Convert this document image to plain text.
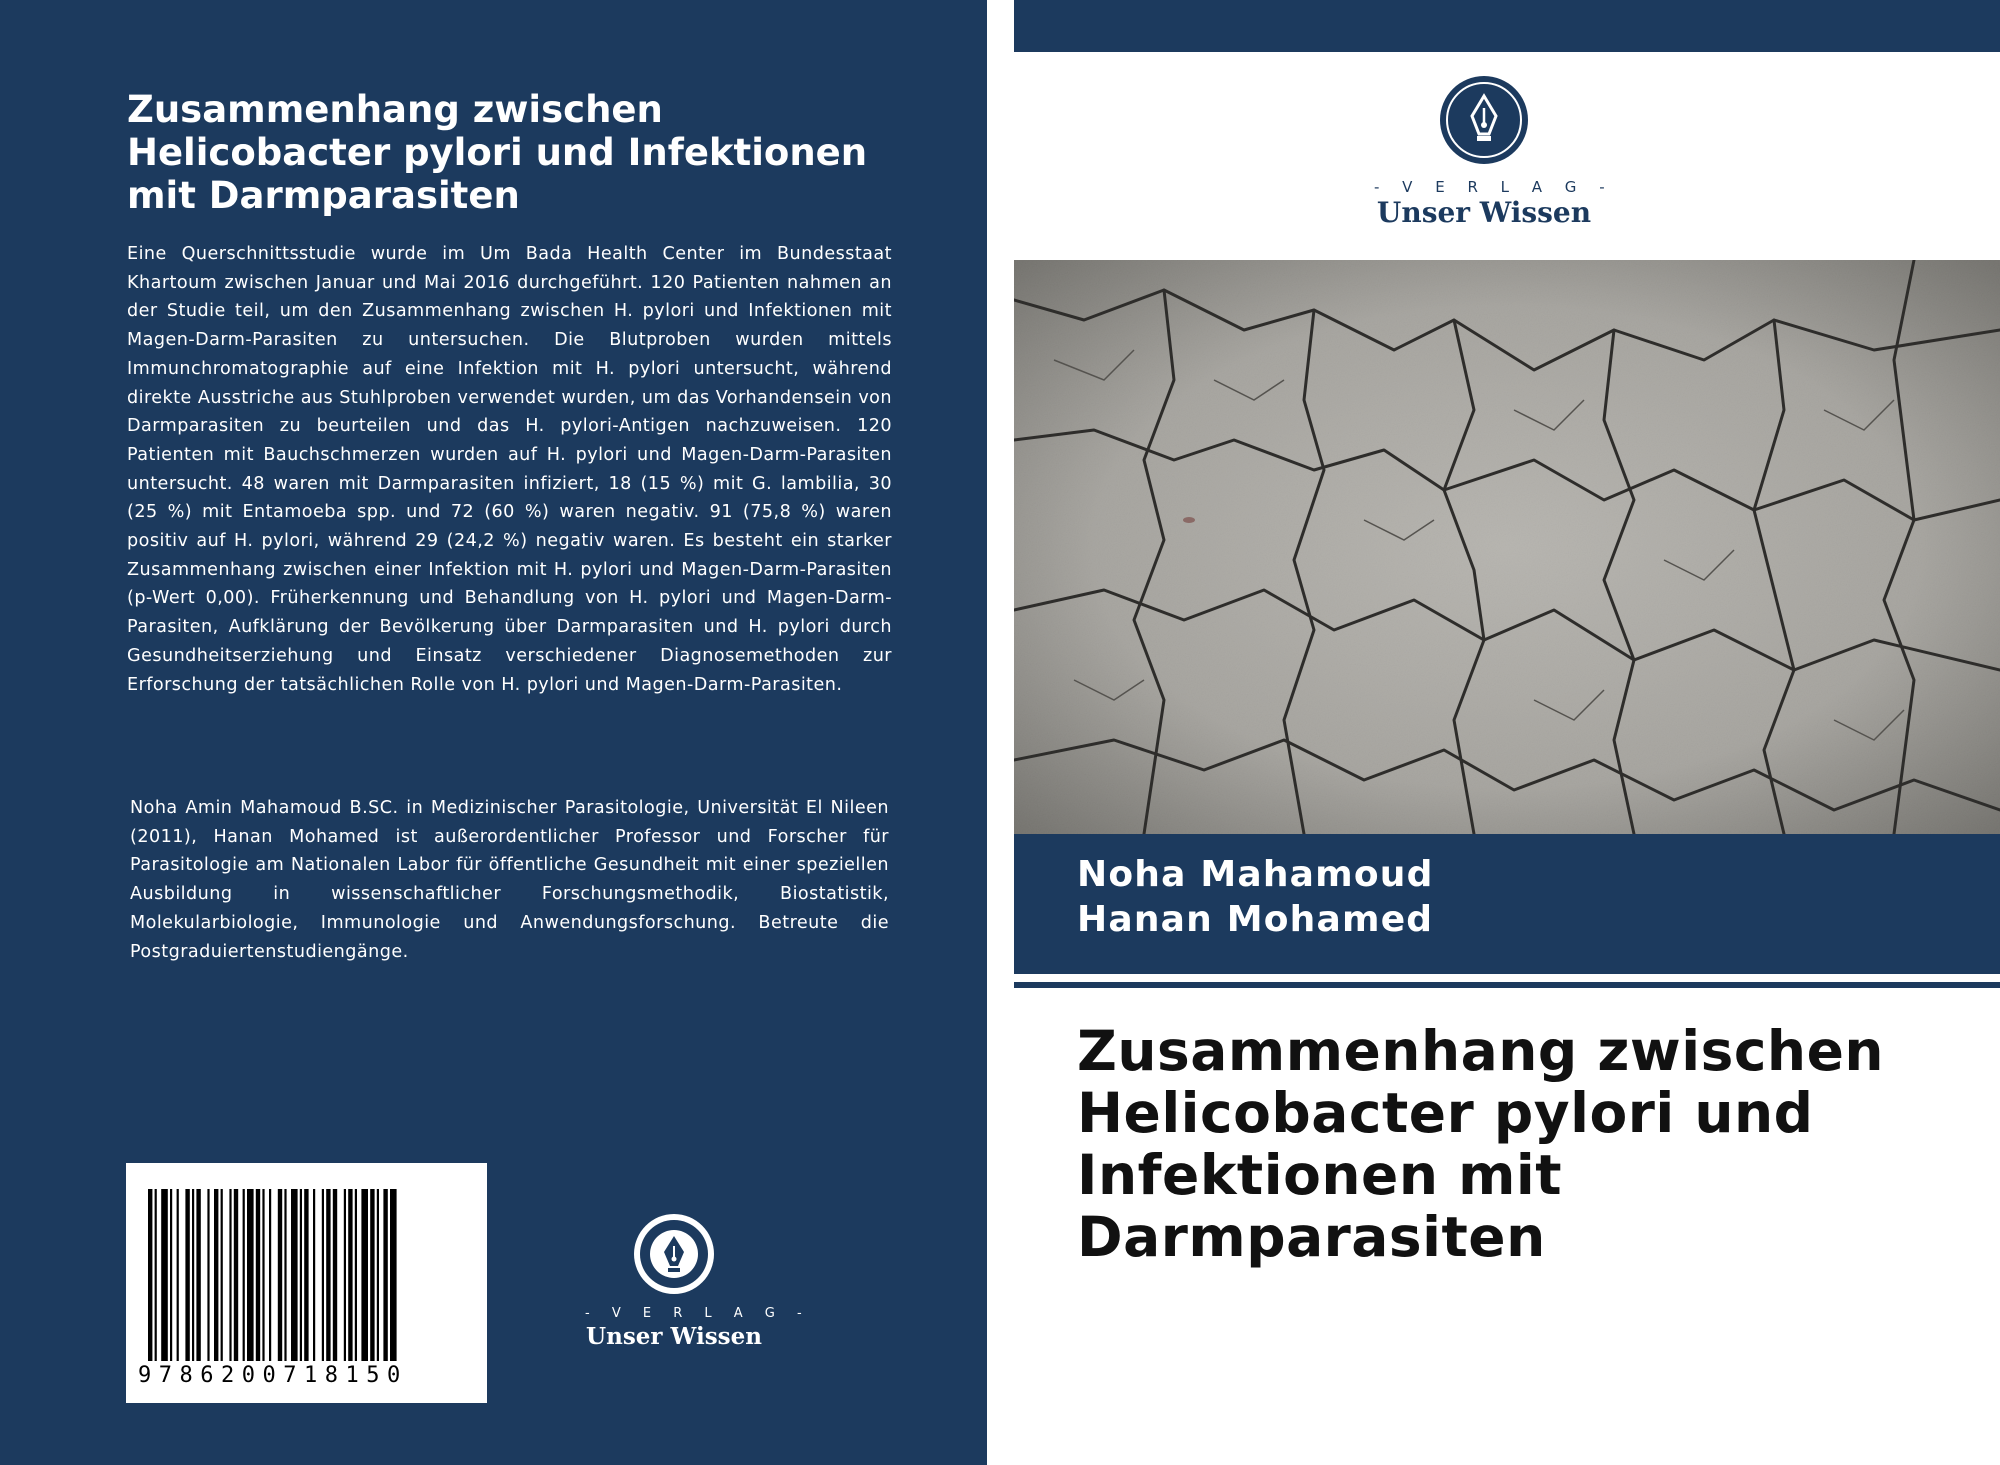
Zusammenhang zwischen Helicobacter pylori und Infektionen mit Darmparasiten

Eine Querschnittsstudie wurde im Um Bada Health Center im Bundesstaat Khartoum zwischen Januar und Mai 2016 durchgeführt. 120 Patienten nahmen an der Studie teil, um den Zusammenhang zwischen H. pylori und Infektionen mit Magen-Darm-Parasiten zu untersuchen. Die Blutproben wurden mittels Immunchromatographie auf eine Infektion mit H. pylori untersucht, während direkte Ausstriche aus Stuhlproben verwendet wurden, um das Vorhandensein von Darmparasiten zu beurteilen und das H. pylori-Antigen nachzuweisen. 120 Patienten mit Bauchschmerzen wurden auf H. pylori und Magen-Darm-Parasiten untersucht. 48 waren mit Darmparasiten infiziert, 18 (15 %) mit G. lambilia, 30 (25 %) mit Entamoeba spp. und 72 (60 %) waren negativ. 91 (75,8 %) waren positiv auf H. pylori, während 29 (24,2 %) negativ waren. Es besteht ein starker Zusammenhang zwischen einer Infektion mit H. pylori und Magen-Darm-Parasiten (p-Wert 0,00). Früherkennung und Behandlung von H. pylori und Magen-Darm-Parasiten, Aufklärung der Bevölkerung über Darmparasiten und H. pylori durch Gesundheitserziehung und Einsatz verschiedener Diagnosemethoden zur Erforschung der tatsächlichen Rolle von H. pylori und Magen-Darm-Parasiten.

Noha Amin Mahamoud B.SC. in Medizinischer Parasitologie, Universität El Nileen (2011), Hanan Mohamed ist außerordentlicher Professor und Forscher für Parasitologie am Nationalen Labor für öffentliche Gesundheit mit einer speziellen Ausbildung in wissenschaftlicher Forschungsmethodik, Biostatistik, Molekularbiologie, Immunologie und Anwendungsforschung. Betreute die Postgraduiertenstudiengänge.

9786200718150
- V E R L A G -
Unser Wissen
- V E R L A G -
Unser Wissen
Noha Mahamoud
Hanan Mohamed
Zusammenhang zwischen Helicobacter pylori und Infektionen mit Darmparasiten
